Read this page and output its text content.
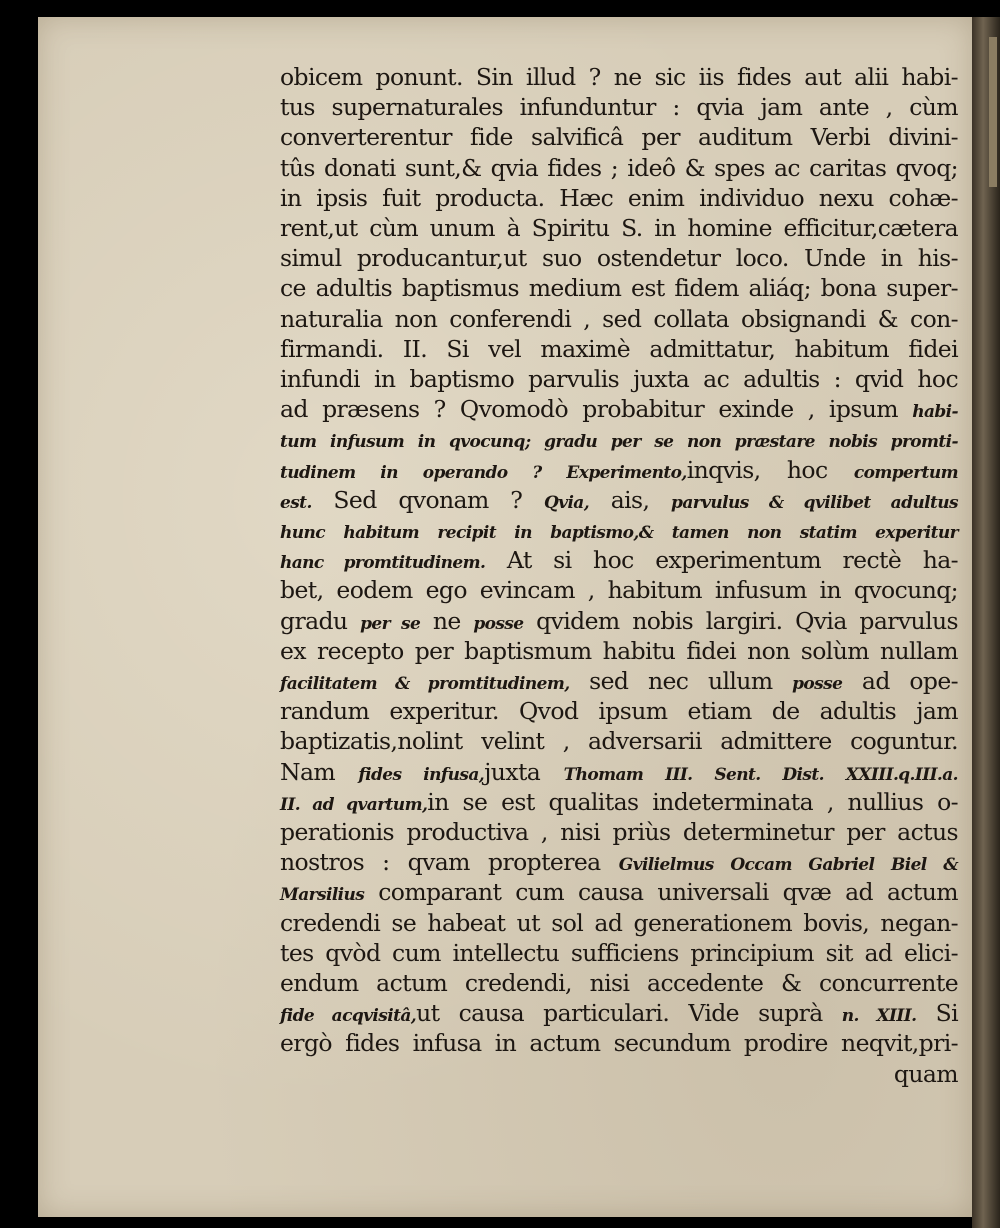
obicem ponunt. Sin illud ? ne sic iis fides aut alii habi-
tus supernaturales infunduntur : qvia jam ante , cùm
converterentur fide salvificâ per auditum Verbi divini-
tûs donati sunt,& qvia fides ; ideô & spes ac caritas qvoq;
in ipsis fuit producta. Hæc enim individuo nexu cohæ-
rent,ut cùm unum à Spiritu S. in homine efficitur,cætera
simul producantur,ut suo ostendetur loco. Unde in his-
ce adultis baptismus medium est fidem aliáq; bona super-
naturalia non conferendi , sed collata obsignandi & con-
firmandi. II. Si vel maximè admittatur, habitum fidei
infundi in baptismo parvulis juxta ac adultis : qvid hoc
ad præsens ? Qvomodò probabitur exinde , ipsum habi-
tum infusum in qvocunq; gradu per se non præstare nobis promti-
tudinem in operando ? Experimento,inqvis, hoc compertum
est. Sed qvonam ? Qvia, ais, parvulus & qvilibet adultus
hunc habitum recipit in baptismo,& tamen non statim experitur
hanc promtitudinem. At si hoc experimentum rectè ha-
bet, eodem ego evincam , habitum infusum in qvocunq;
gradu per se ne posse qvidem nobis largiri. Qvia parvulus
ex recepto per baptismum habitu fidei non solùm nullam
facilitatem & promtitudinem, sed nec ullum posse ad ope-
randum experitur. Qvod ipsum etiam de adultis jam
baptizatis,nolint velint , adversarii admittere coguntur.
Nam fides infusa,juxta Thomam III. Sent. Dist. XXIII.q.III.a.
II. ad qvartum,in se est qualitas indeterminata , nullius o-
perationis productiva , nisi priùs determinetur per actus
nostros : qvam propterea Gvilielmus Occam Gabriel Biel &
Marsilius comparant cum causa universali qvæ ad actum
credendi se habeat ut sol ad generationem bovis, negan-
tes qvòd cum intellectu sufficiens principium sit ad elici-
endum actum credendi, nisi accedente & concurrente
fide acqvisitâ,ut causa particulari. Vide suprà n. XIII. Si
ergò fides infusa in actum secundum prodire neqvit,pri-
quam
